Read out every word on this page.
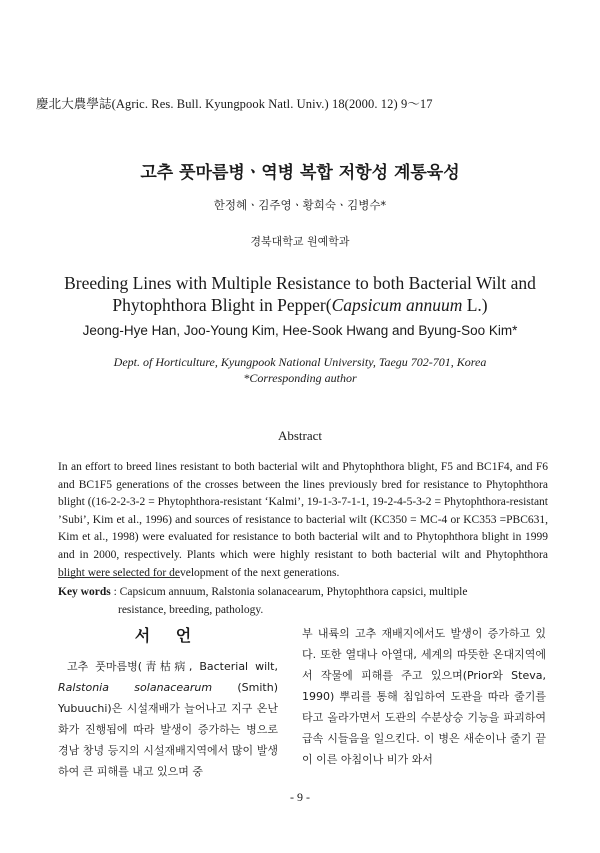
慶北大農學誌(Agric. Res. Bull. Kyungpook Natl. Univ.) 18(2000. 12) 9～17
고추 풋마름병ㆍ역병 복합 저항성 계통육성
한정혜ㆍ김주영ㆍ황희숙ㆍ김병수*
경북대학교 원예학과
Breeding Lines with Multiple Resistance to both Bacterial Wilt and Phytophthora Blight in Pepper(Capsicum annuum L.)
Jeong-Hye Han, Joo-Young Kim, Hee-Sook Hwang and Byung-Soo Kim*
Dept. of Horticulture, Kyungpook National University, Taegu 702-701, Korea
*Corresponding author
Abstract
In an effort to breed lines resistant to both bacterial wilt and Phytophthora blight, F5 and BC1F4, and F6 and BC1F5 generations of the crosses between the lines previously bred for resistance to Phytophthora blight ((16-2-2-3-2 = Phytophthora-resistant ‘Kalmi’, 19-1-3-7-1-1, 19-2-4-5-3-2 = Phytophthora-resistant ’Subi’, Kim et al., 1996) and sources of resistance to bacterial wilt (KC350 = MC-4 or KC353 =PBC631, Kim et al., 1998) were evaluated for resistance to both bacterial wilt and to Phytophthora blight in 1999 and in 2000, respectively. Plants which were highly resistant to both bacterial wilt and Phytophthora blight were selected for development of the next generations.
Key words : Capsicum annuum, Ralstonia solanacearum, Phytophthora capsici, multiple
resistance, breeding, pathology.
서 언
고추 풋마름병(靑枯病, Bacterial wilt, Ralstonia solanacearum (Smith) Yubuuchi)은 시설재배가 늘어나고 지구 온난화가 진행됨에 따라 발생이 증가하는 병으로 경남 창녕 등지의 시설재배지역에서 많이 발생하여 큰 피해를 내고 있으며 중
부 내륙의 고추 재배지에서도 발생이 증가하고 있다. 또한 열대나 아열대, 세계의 따뜻한 온대지역에서 작물에 피해를 주고 있으며(Prior와 Steva, 1990) 뿌리를 통해 침입하여 도관을 따라 줄기를 타고 올라가면서 도관의 수분상승 기능을 파괴하여 급속 시들음을 일으킨다. 이 병은 새순이나 줄기 끝이 이른 아침이나 비가 와서
- 9 -
